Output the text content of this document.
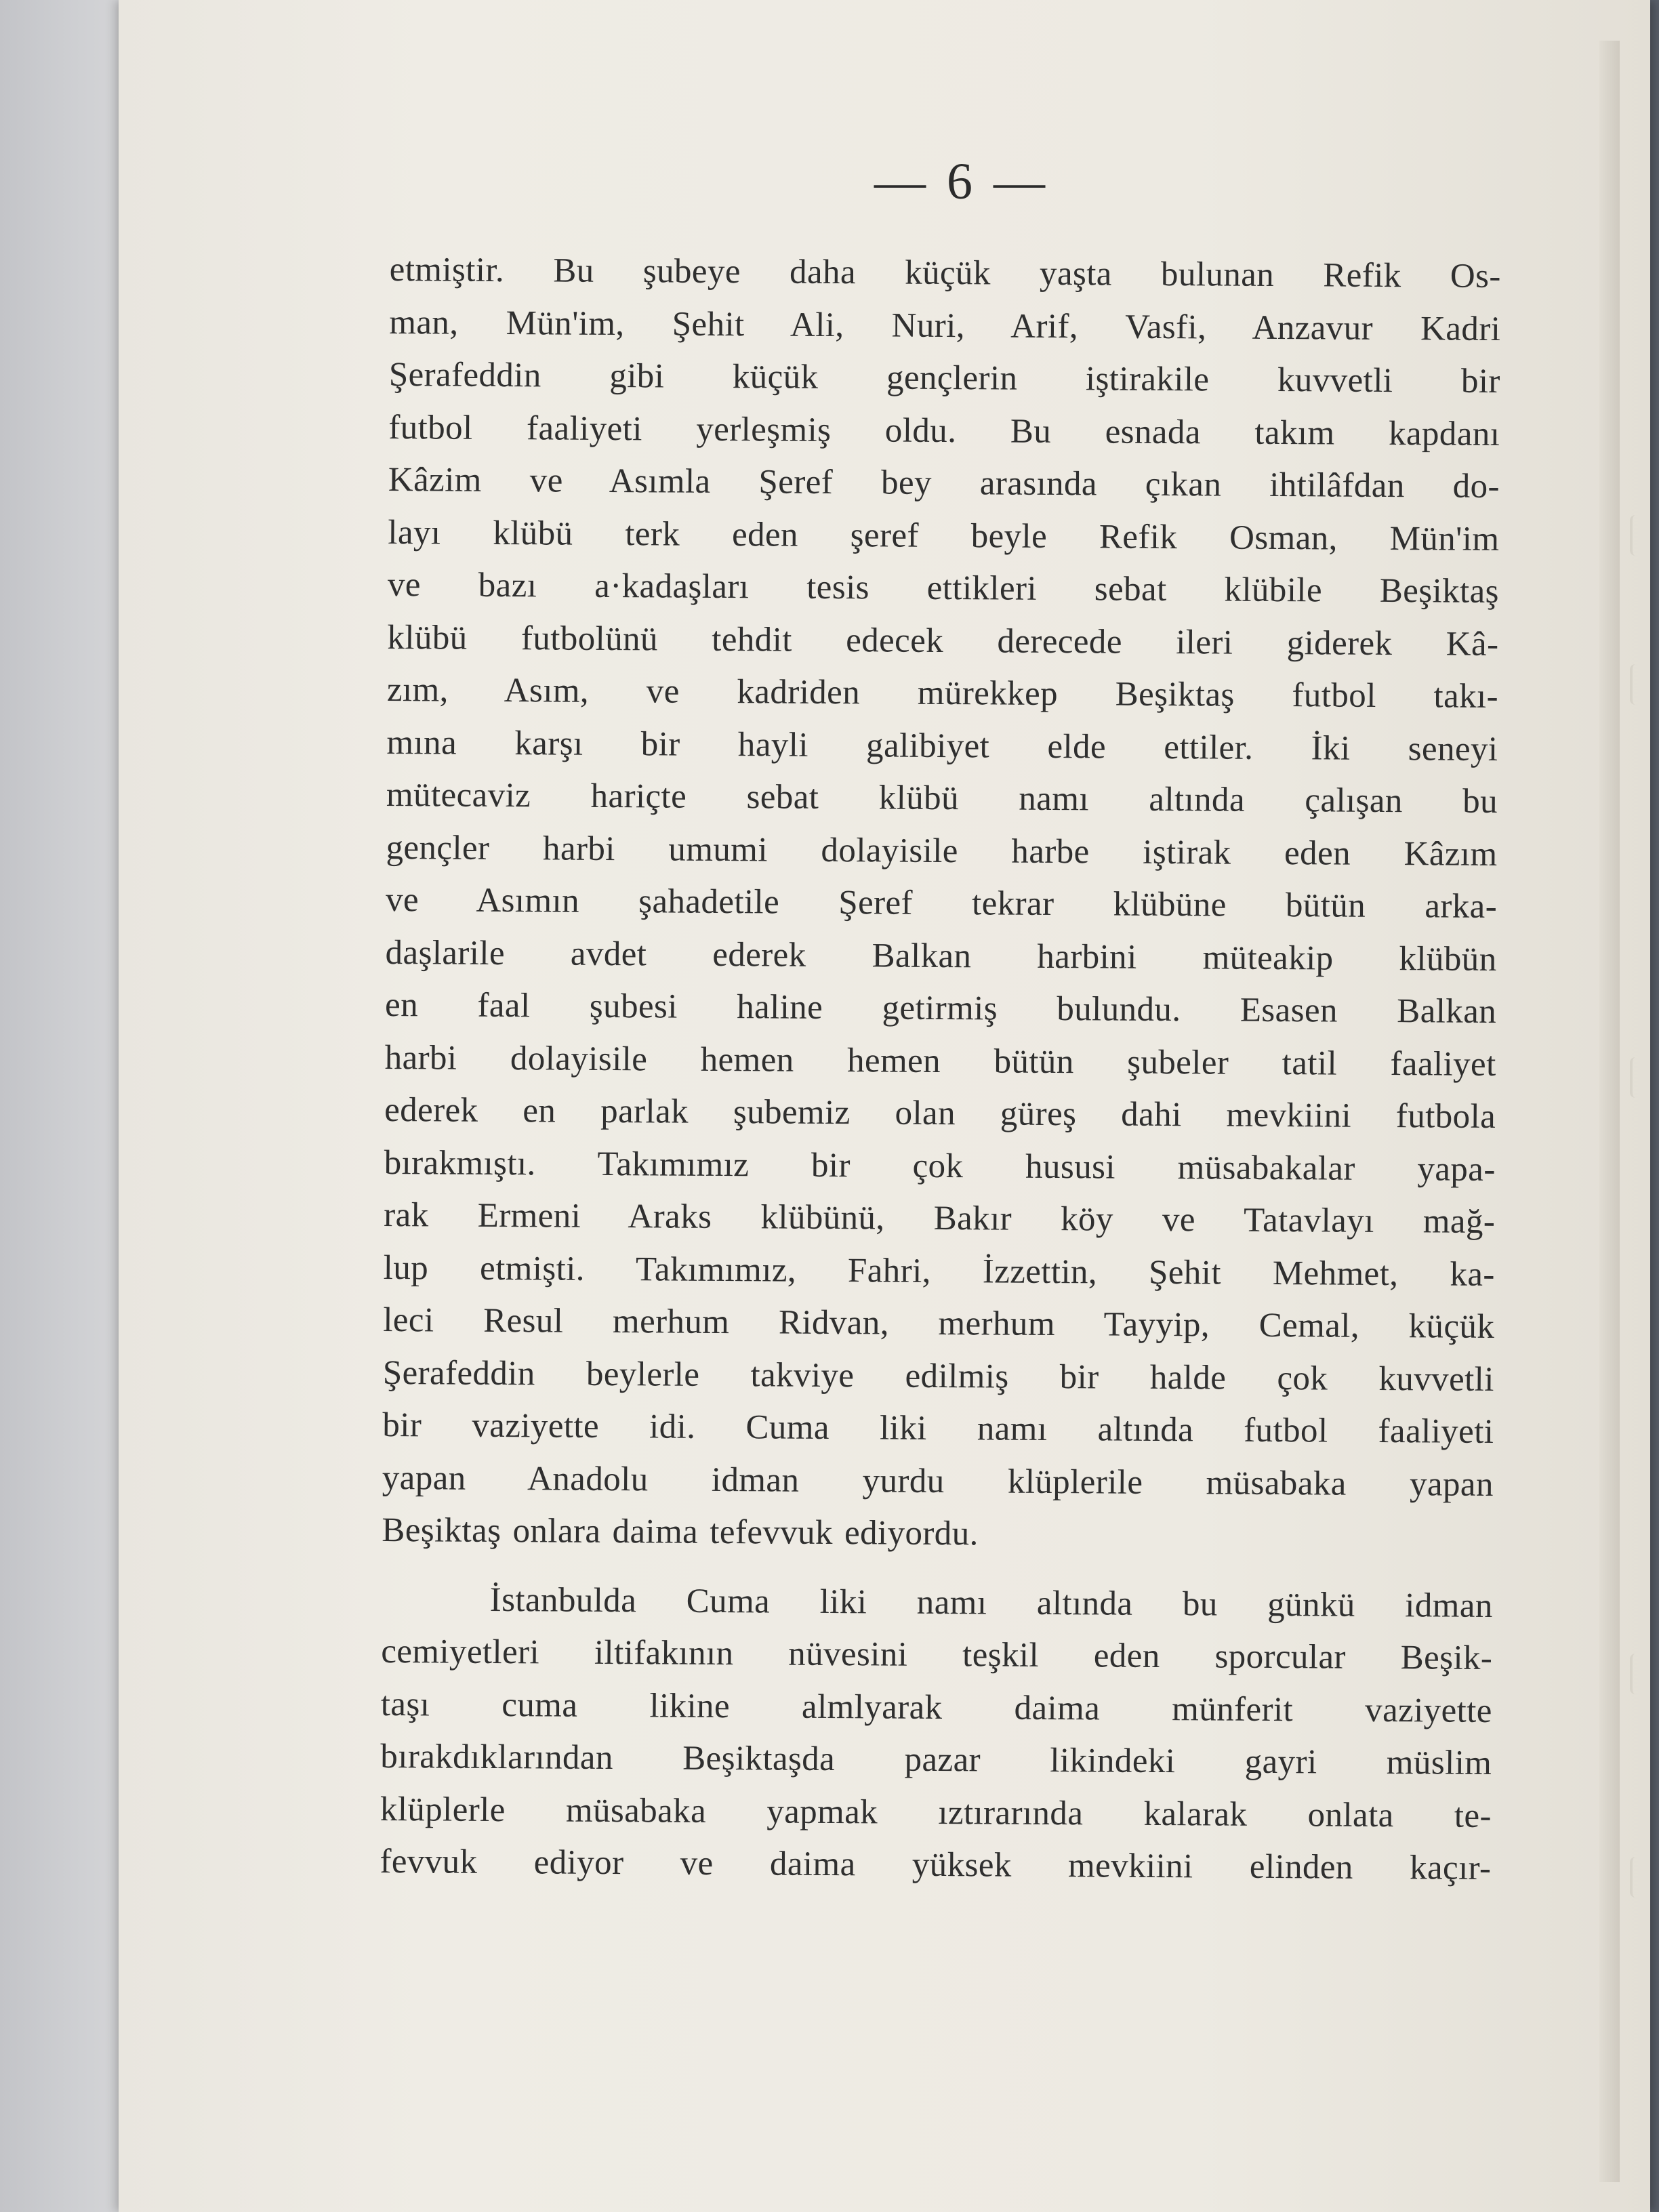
— 6 —
etmiştir. Bu şubeye daha küçük yaşta bulunan Refik Os-
man, Mün'im, Şehit Ali, Nuri, Arif, Vasfi, Anzavur Kadri
Şerafeddin gibi küçük gençlerin iştirakile kuvvetli bir
futbol faaliyeti yerleşmiş oldu. Bu esnada takım kapdanı
Kâzim ve Asımla Şeref bey arasında çıkan ihtilâfdan do-
layı klübü terk eden şeref beyle Refik Osman, Mün'im
ve bazı a·kadaşları tesis ettikleri sebat klübile Beşiktaş
klübü futbolünü tehdit edecek derecede ileri giderek Kâ-
zım, Asım, ve kadriden mürekkep Beşiktaş futbol takı-
mına karşı bir hayli galibiyet elde ettiler. İki seneyi
mütecaviz hariçte sebat klübü namı altında çalışan bu
gençler harbi umumi dolayisile harbe iştirak eden Kâzım
ve Asımın şahadetile Şeref tekrar klübüne bütün arka-
daşlarile avdet ederek Balkan harbini müteakip klübün
en faal şubesi haline getirmiş bulundu. Esasen Balkan
harbi dolayisile hemen hemen bütün şubeler tatil faaliyet
ederek en parlak şubemiz olan güreş dahi mevkiini futbola
bırakmıştı. Takımımız bir çok hususi müsabakalar yapa-
rak Ermeni Araks klübünü, Bakır köy ve Tatavlayı mağ-
lup etmişti. Takımımız, Fahri, İzzettin, Şehit Mehmet, ka-
leci Resul merhum Ridvan, merhum Tayyip, Cemal, küçük
Şerafeddin beylerle takviye edilmiş bir halde çok kuvvetli
bir vaziyette idi. Cuma liki namı altında futbol faaliyeti
yapan Anadolu idman yurdu klüplerile müsabaka yapan
Beşiktaş onlara daima tefevvuk ediyordu.
İstanbulda Cuma liki namı altında bu günkü idman
cemiyetleri iltifakının nüvesini teşkil eden sporcular Beşik-
taşı cuma likine almlyarak daima münferit vaziyette
bırakdıklarından Beşiktaşda pazar likindeki gayri müslim
klüplerle müsabaka yapmak ıztırarında kalarak onlata te-
fevvuk ediyor ve daima yüksek mevkiini elinden kaçır-
